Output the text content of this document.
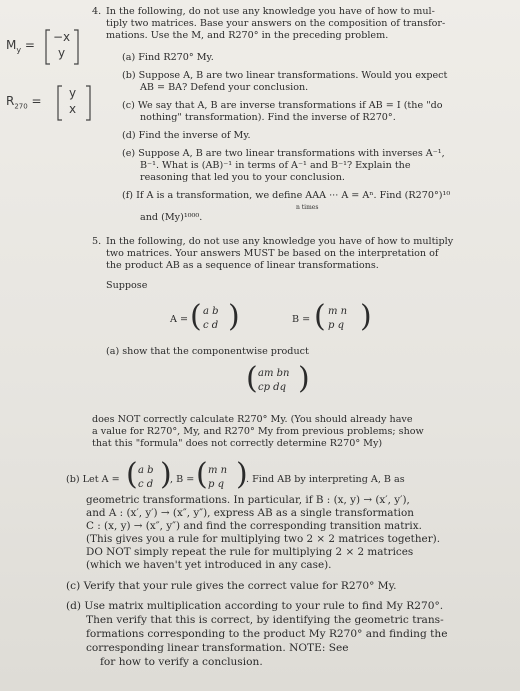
$M_y$ =
−x
y
$R_{270}$ =
y
x
4. In the following, do not use any knowledge you have of how to mul-
tiply two matrices. Base your answers on the composition of transfor-
mations. Use the M, and R270° in the preceding problem.
(a) Find R270° My.
(b) Suppose A, B are two linear transformations. Would you expect
AB = BA? Defend your conclusion.
(c) We say that A, B are inverse transformations if AB = I (the "do
nothing" transformation). Find the inverse of R270°.
(d) Find the inverse of My.
(e) Suppose A, B are two linear transformations with inverses A⁻¹,
B⁻¹. What is (AB)⁻¹ in terms of A⁻¹ and B⁻¹? Explain the
reasoning that led you to your conclusion.
(f) If A is a transformation, we define AAA ··· A = Aⁿ. Find (R270°)¹⁰
n times
and (My)¹⁰⁰⁰.
5. In the following, do not use any knowledge you have of how to multiply
two matrices. Your answers MUST be based on the interpretation of
the product AB as a sequence of linear transformations.
Suppose
A = ( a b
c d )	B = ( m n
p q )
(a) show that the componentwise product
( am bn
cp dq )
does NOT correctly calculate R270° My. (You should already have
a value for R270°, My, and R270° My from previous problems; show
that this "formula" does not correctly determine R270° My)
(b) Let A = ( a b
c d )
, B = ( m n
p q )
. Find AB by interpreting A, B as
geometric transformations. In particular, if B : (x, y) → (x′, y′),
and A : (x′, y′) → (x″, y″), express AB as a single transformation
C : (x, y) → (x″, y″) and find the corresponding transition matrix.
(This gives you a rule for multiplying two 2 × 2 matrices together).
DO NOT simply repeat the rule for multiplying 2 × 2 matrices
(which we haven't yet introduced in any case).
(c) Verify that your rule gives the correct value for R270° My.
(d) Use matrix multiplication according to your rule to find My R270°.
Then verify that this is correct, by identifying the geometric trans-
formations corresponding to the product My R270° and finding the
corresponding linear transformation. NOTE: See
for how to verify a conclusion.
